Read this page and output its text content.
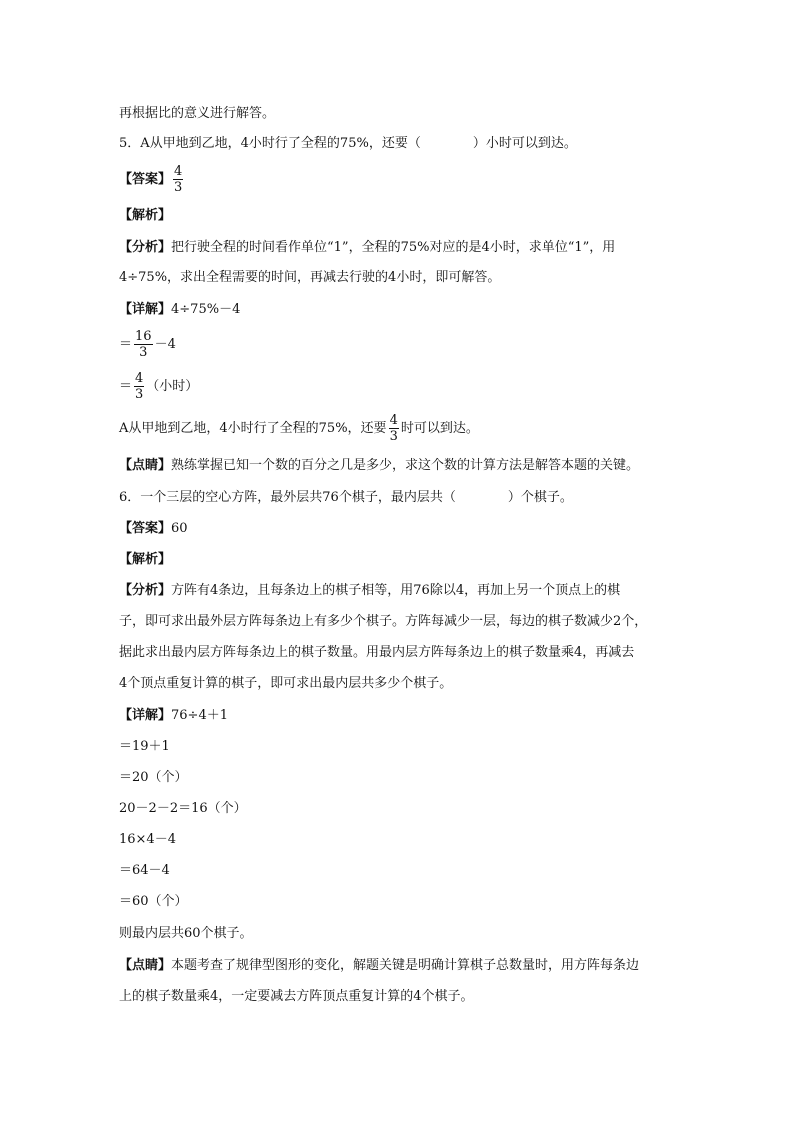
再根据比的意义进行解答。
5．A从甲地到乙地，4小时行了全程的75%，还要（　　　　）小时可以到达。
【答案】 $\frac{4}{3}$
【解析】
【分析】把行驶全程的时间看作单位“1”，全程的75%对应的是4小时，求单位“1”，用
4÷75%，求出全程需要的时间，再减去行驶的4小时，即可解答。
【详解】4÷75%－4
＝ $\frac{16}{3} -4$
＝ $\frac{4}{3}$ （小时）
A从甲地到乙地，4小时行了全程的75%，还要 $\frac{4}{3}$ 时可以到达。
【点睛】熟练掌握已知一个数的百分之几是多少，求这个数的计算方法是解答本题的关键。
6．一个三层的空心方阵，最外层共76个棋子，最内层共（　　　　）个棋子。
【答案】60
【解析】
【分析】方阵有4条边，且每条边上的棋子相等，用76除以4，再加上另一个顶点上的棋
子，即可求出最外层方阵每条边上有多少个棋子。方阵每减少一层，每边的棋子数减少2个，
据此求出最内层方阵每条边上的棋子数量。用最内层方阵每条边上的棋子数量乘4，再减去
4个顶点重复计算的棋子，即可求出最内层共多少个棋子。
【详解】76÷4＋1
＝19＋1
＝20（个）
20－2－2＝16（个）
16×4－4
＝64－4
＝60（个）
则最内层共60个棋子。
【点睛】本题考查了规律型图形的变化，解题关键是明确计算棋子总数量时，用方阵每条边
上的棋子数量乘4，一定要减去方阵顶点重复计算的4个棋子。
